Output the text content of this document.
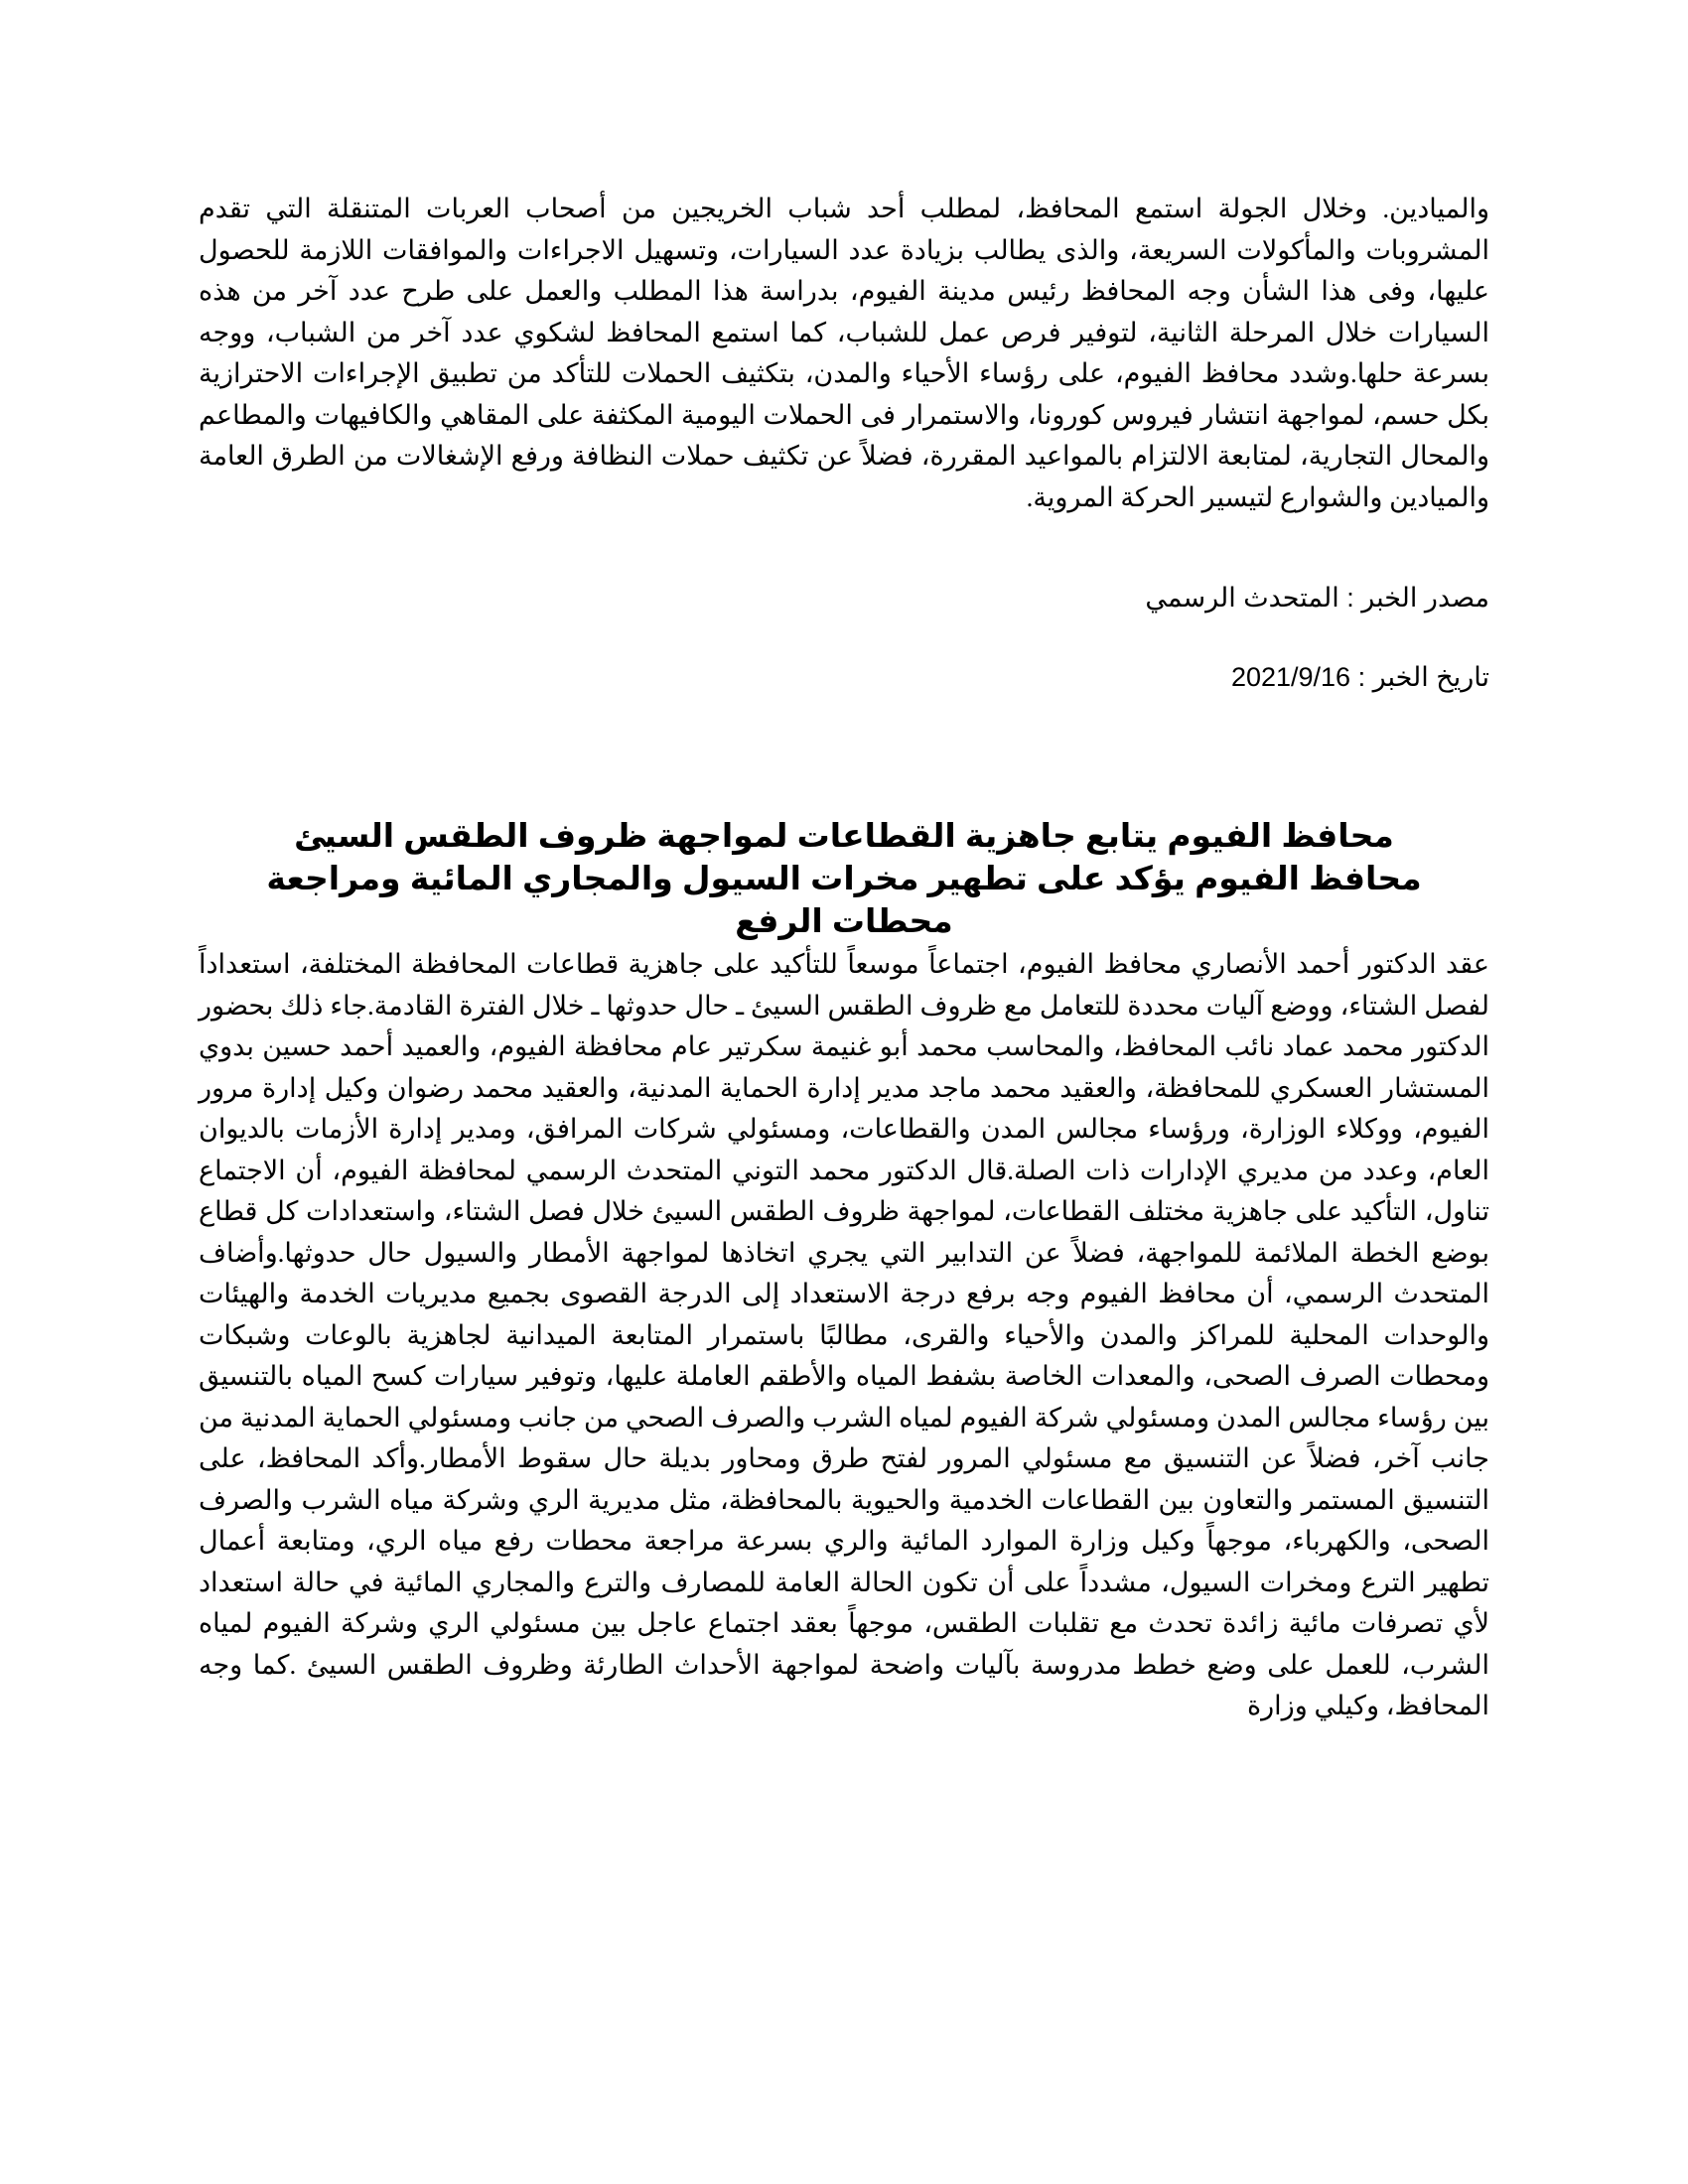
والميادين. وخلال الجولة استمع المحافظ، لمطلب أحد شباب الخريجين من أصحاب العربات المتنقلة التي تقدم المشروبات والمأكولات السريعة، والذى يطالب بزيادة عدد السيارات، وتسهيل الاجراءات والموافقات اللازمة للحصول عليها، وفى هذا الشأن وجه المحافظ رئيس مدينة الفيوم، بدراسة هذا المطلب والعمل على طرح عدد آخر من هذه السيارات خلال المرحلة الثانية، لتوفير فرص عمل للشباب، كما استمع المحافظ لشكوي عدد آخر من الشباب، ووجه بسرعة حلها.وشدد محافظ الفيوم، على رؤساء الأحياء والمدن، بتكثيف الحملات للتأكد من تطبيق الإجراءات الاحترازية بكل حسم، لمواجهة انتشار فيروس كورونا، والاستمرار فى الحملات اليومية المكثفة على المقاهي والكافيهات والمطاعم والمحال التجارية، لمتابعة الالتزام بالمواعيد المقررة، فضلاً عن تكثيف حملات النظافة ورفع الإشغالات من الطرق العامة والميادين والشوارع لتيسير الحركة المروية.

مصدر الخبر : المتحدث الرسمي

تاريخ الخبر : 2021/9/16

محافظ الفيوم يتابع جاهزية القطاعات لمواجهة ظروف الطقس السيئ
محافظ الفيوم يؤكد على تطهير مخرات السيول والمجاري المائية ومراجعة محطات الرفع

عقد الدكتور أحمد الأنصاري محافظ الفيوم، اجتماعاً موسعاً للتأكيد على جاهزية قطاعات المحافظة المختلفة، استعداداً لفصل الشتاء، ووضع آليات محددة للتعامل مع ظروف الطقس السيئ ـ حال حدوثها ـ خلال الفترة القادمة.جاء ذلك بحضور الدكتور محمد عماد نائب المحافظ، والمحاسب محمد أبو غنيمة سكرتير عام محافظة الفيوم، والعميد أحمد حسين بدوي المستشار العسكري للمحافظة، والعقيد محمد ماجد مدير إدارة الحماية المدنية، والعقيد محمد رضوان وكيل إدارة مرور الفيوم، ووكلاء الوزارة، ورؤساء مجالس المدن والقطاعات، ومسئولي شركات المرافق، ومدير إدارة الأزمات بالديوان العام، وعدد من مديري الإدارات ذات الصلة.قال الدكتور محمد التوني المتحدث الرسمي لمحافظة الفيوم، أن الاجتماع تناول، التأكيد على جاهزية مختلف القطاعات، لمواجهة ظروف الطقس السيئ خلال فصل الشتاء، واستعدادات كل قطاع بوضع الخطة الملائمة للمواجهة، فضلاً عن التدابير التي يجري اتخاذها لمواجهة الأمطار والسيول حال حدوثها.وأضاف المتحدث الرسمي، أن محافظ الفيوم وجه برفع درجة الاستعداد إلى الدرجة القصوى بجميع مديريات الخدمة والهيئات والوحدات المحلية للمراكز والمدن والأحياء والقرى، مطالبًا باستمرار المتابعة الميدانية لجاهزية بالوعات وشبكات ومحطات الصرف الصحى، والمعدات الخاصة بشفط المياه والأطقم العاملة عليها، وتوفير سيارات كسح المياه بالتنسيق بين رؤساء مجالس المدن ومسئولي شركة الفيوم لمياه الشرب والصرف الصحي من جانب ومسئولي الحماية المدنية من جانب آخر، فضلاً عن التنسيق مع مسئولي المرور لفتح طرق ومحاور بديلة حال سقوط الأمطار.وأكد المحافظ، على التنسيق المستمر والتعاون بين القطاعات الخدمية والحيوية بالمحافظة، مثل مديرية الري وشركة مياه الشرب والصرف الصحى، والكهرباء، موجهاً وكيل وزارة الموارد المائية والري بسرعة مراجعة محطات رفع مياه الري، ومتابعة أعمال تطهير الترع ومخرات السيول، مشدداً على أن تكون الحالة العامة للمصارف والترع والمجاري المائية في حالة استعداد لأي تصرفات مائية زائدة تحدث مع تقلبات الطقس، موجهاً بعقد اجتماع عاجل بين مسئولي الري وشركة الفيوم لمياه الشرب، للعمل على وضع خطط مدروسة بآليات واضحة لمواجهة الأحداث الطارئة وظروف الطقس السيئ .كما وجه المحافظ، وكيلي وزارة
